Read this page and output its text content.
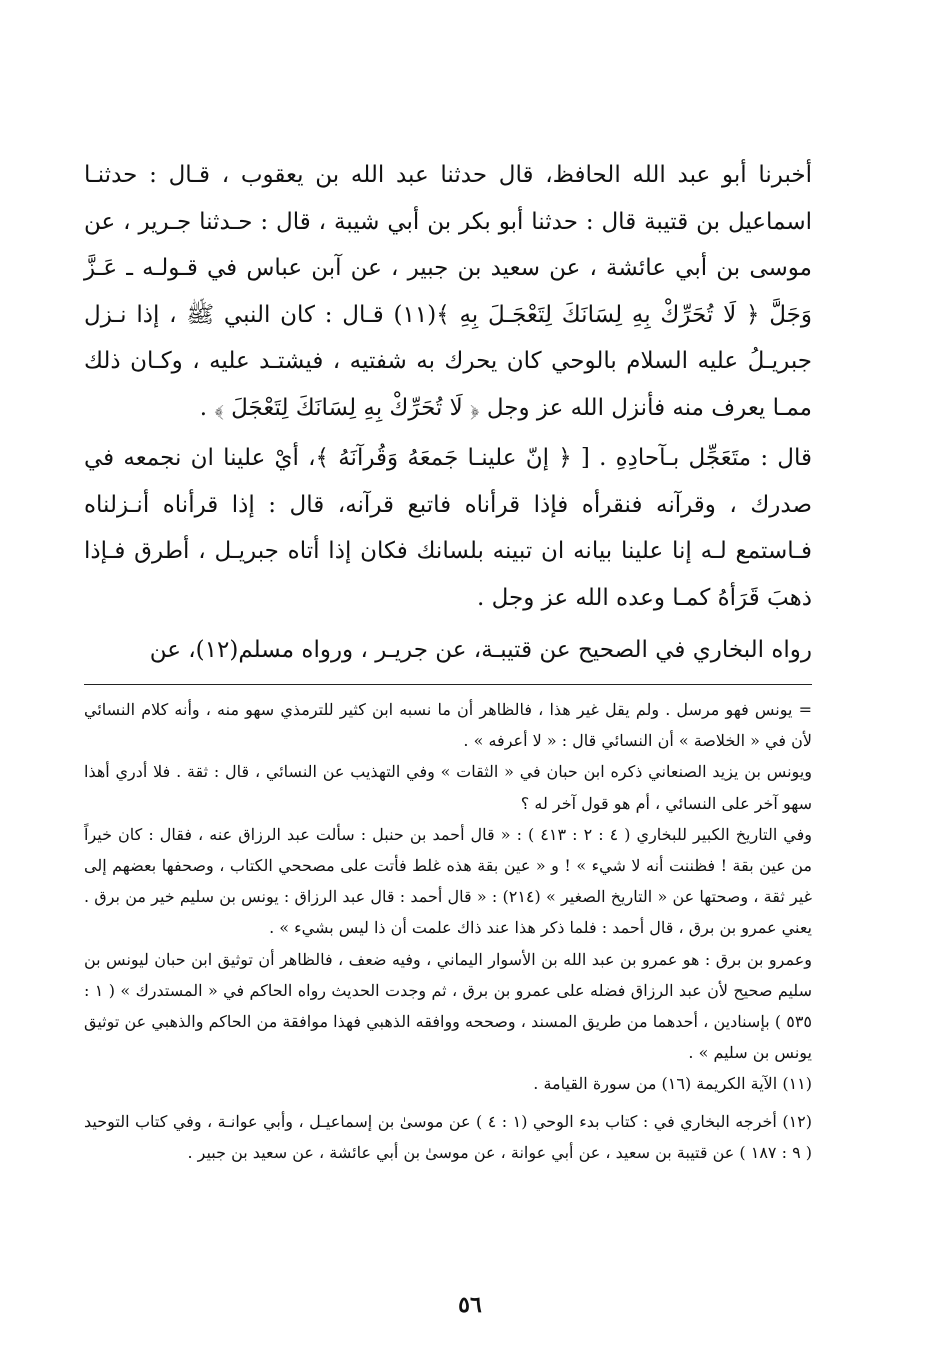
أخبرنا أبو عبد الله الحافظ، قال حدثنا عبد الله بن يعقوب ، قـال : حدثنـا اسماعيل بن قتيبة قال : حدثنا أبو بكر بن أبي شيبة ، قال : حـدثنا جـرير ، عن موسى بن أبي عائشة ، عن سعيد بن جبير ، عن آبن عباس في قـولـه ـ عَـزَّ وَجَلَّ ﴿ لَا تُحَرِّكْ بِهِ لِسَانَكَ لِتَعْجَـلَ بِهِ ﴾(١١) قـال : كان النبي ﷺ ، إذا نـزل جبريـلُ عليه السلام بالوحي كان يحرك به شفتيه ، فيشتـد عليه ، وكـان ذلك ممـا يعرف منه فأنزل الله عز وجل ﴿ لَا تُحَرِّكْ بِهِ لِسَانَكَ لِتَعْجَلَ ﴾ .

قال : متَعَجِّل بـآحادِهِ . [ ﴿ إنّ علينـا جَمعَهُ وَقُرآنَهُ ﴾، أيْ علينا ان نجمعه في صدرك ، وقرآنه فنقرأه فإذا قرأناه فاتبع قرآنه، قال : إذا قرأناه أنـزلناه فـاستمع لـه إنا علينا بيانه ان تبينه بلسانك فكان إذا أتاه جبريـل ، أطرق فـإذا ذهبَ قَرَأهُ كمـا وعده الله عز وجل .

رواه البخاري في الصحيح عن قتيبـة، عن جريـر ، ورواه مسلم(١٢)، عن

= يونس فهو مرسل . ولم يقل غير هذا ، فالظاهر أن ما نسبه ابن كثير للترمذي سهو منه ، وأنه كلام النسائي لأن في « الخلاصة » أن النسائي قال : « لا أعرفه » .

ويونس بن يزيد الصنعاني ذكره ابن حبان في « الثقات » وفي التهذيب عن النسائي ، قال : ثقة . فلا أدري أهذا سهو آخر على النسائي ، أم هو قول آخر له ؟

وفي التاريخ الكبير للبخاري ( ٤ : ٢ : ٤١٣ ) : « قال أحمد بن حنبل : سألت عبد الرزاق عنه ، فقال : كان خيراً من عين بقة ! فظننت أنه لا شيء » ! و « عين بقة هذه غلط فأتت على مصححي الكتاب ، وصحفها بعضهم إلى غير ثقة ، وصحتها عن « التاريخ الصغير » (٢١٤) : « قال أحمد : قال عبد الرزاق : يونس بن سليم خير من برق . يعني عمرو بن برق ، قال أحمد : فلما ذكر هذا عند ذاك علمت أن ذا ليس بشيء » .

وعمرو بن برق : هو عمرو بن عبد الله بن الأسوار اليماني ، وفيه ضعف ، فالظاهر أن توثيق ابن حبان ليونس بن سليم صحيح لأن عبد الرزاق فضله على عمرو بن برق ، ثم وجدت الحديث رواه الحاكم في « المستدرك » ( ١ : ٥٣٥ ) بإسنادين ، أحدهما من طريق المسند ، وصححه ووافقه الذهبي فهذا موافقة من الحاكم والذهبي عن توثيق يونس بن سليم » .

(١١) الآية الكريمة (١٦) من سورة القيامة .

(١٢) أخرجه البخاري في : كتاب بدء الوحي (١ : ٤ ) عن موسىٰ بن إسماعيـل ، وأبي عوانـة ، وفي كتاب التوحيد ( ٩ : ١٨٧ ) عن قتيبة بن سعيد ، عن أبي عوانة ، عن موسىٰ بن أبي عائشة ، عن سعيد بن جبير .

٥٦
